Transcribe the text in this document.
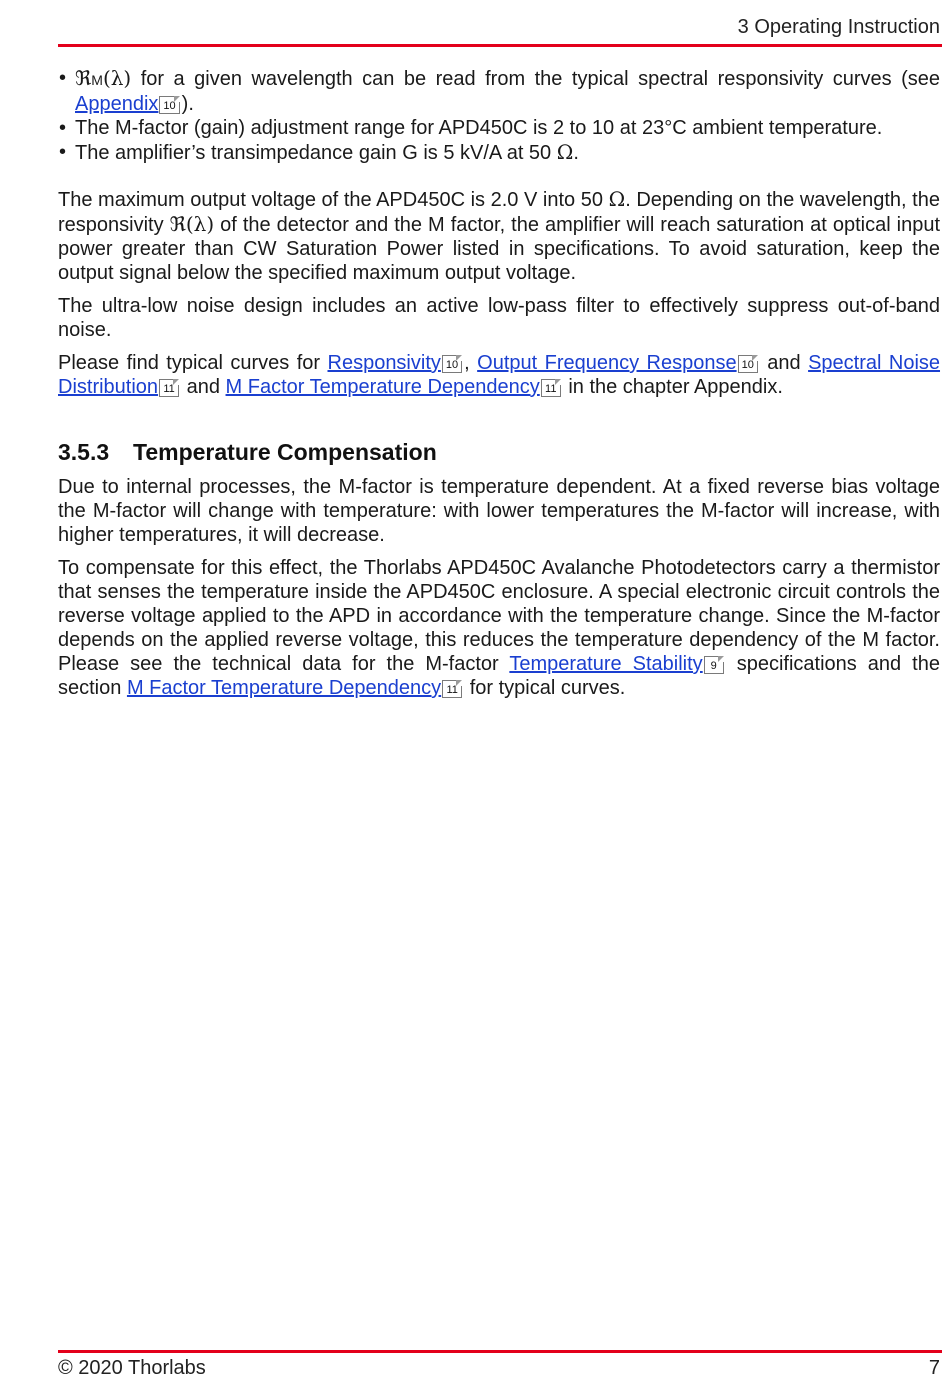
3 Operating Instruction
• ℜM(λ) for a given wavelength can be read from the typical spectral responsivity curves (see Appendix 10 ).
• The M-factor (gain) adjustment range for APD450C is 2 to 10 at 23°C ambient temperature.
• The amplifier’s transimpedance gain G is 5 kV/A at 50 Ω.

The maximum output voltage of the APD450C is 2.0 V into 50 Ω. Depending on the wavelength, the responsivity ℜ(λ) of the detector and the M factor, the amplifier will reach saturation at optical input power greater than CW Saturation Power listed in specifications. To avoid saturation, keep the output signal below the specified maximum output voltage.

The ultra-low noise design includes an active low-pass filter to effectively suppress out-of-band noise.

Please find typical curves for Responsivity 10 , Output Frequency Response 10 and Spectral Noise Distribution 11 and M Factor Temperature Dependency 11 in the chapter Appendix.

3.5.3 Temperature Compensation

Due to internal processes, the M-factor is temperature dependent. At a fixed reverse bias voltage the M-factor will change with temperature: with lower temperatures the M-factor will increase, with higher temperatures, it will decrease.

To compensate for this effect, the Thorlabs APD450C Avalanche Photodetectors carry a thermistor that senses the temperature inside the APD450C enclosure. A special electronic circuit controls the reverse voltage applied to the APD in accordance with the temperature change. Since the M-factor depends on the applied reverse voltage, this reduces the temperature dependency of the M factor. Please see the technical data for the M-factor Temperature Stability 9 specifications and the section M Factor Temperature Dependency 11 for typical curves.

© 2020 Thorlabs	7
